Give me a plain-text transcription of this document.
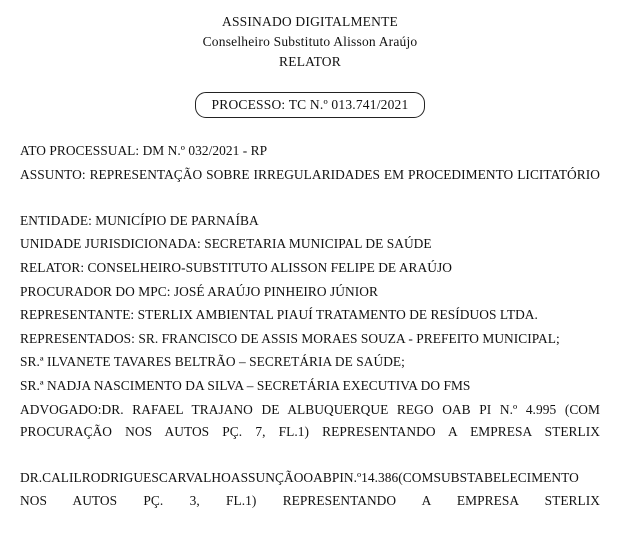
ASSINADO DIGITALMENTE
Conselheiro Substituto Alisson Araújo
RELATOR
PROCESSO: TC N.º 013.741/2021

ATO PROCESSUAL: DM N.º 032/2021 - RP

ASSUNTO: REPRESENTAÇÃO SOBRE IRREGULARIDADES EM PROCEDIMENTO LICITATÓRIO

ENTIDADE: MUNICÍPIO DE PARNAÍBA

UNIDADE JURISDICIONADA: SECRETARIA MUNICIPAL DE SAÚDE

RELATOR: CONSELHEIRO-SUBSTITUTO ALISSON FELIPE DE ARAÚJO

PROCURADOR DO MPC: JOSÉ ARAÚJO PINHEIRO JÚNIOR

REPRESENTANTE: STERLIX AMBIENTAL PIAUÍ TRATAMENTO DE RESÍDUOS LTDA.

REPRESENTADOS: SR. FRANCISCO DE ASSIS MORAES SOUZA - PREFEITO MUNICIPAL;

SR.ª ILVANETE TAVARES BELTRÃO – SECRETÁRIA DE SAÚDE;

SR.ª NADJA NASCIMENTO DA SILVA – SECRETÁRIA EXECUTIVA DO FMS

ADVOGADO:DR. RAFAEL TRAJANO DE ALBUQUERQUE REGO OAB PI N.º 4.995 (COM PROCURAÇÃO NOS AUTOS PÇ. 7, FL.1) REPRESENTANDO A EMPRESA STERLIX

DR.CALILRODRIGUESCARVALHOASSUNÇÃOOABPIN.º14.386(COMSUBSTABELECIMENTO NOS AUTOS PÇ. 3, FL.1) REPRESENTANDO A EMPRESA STERLIX
